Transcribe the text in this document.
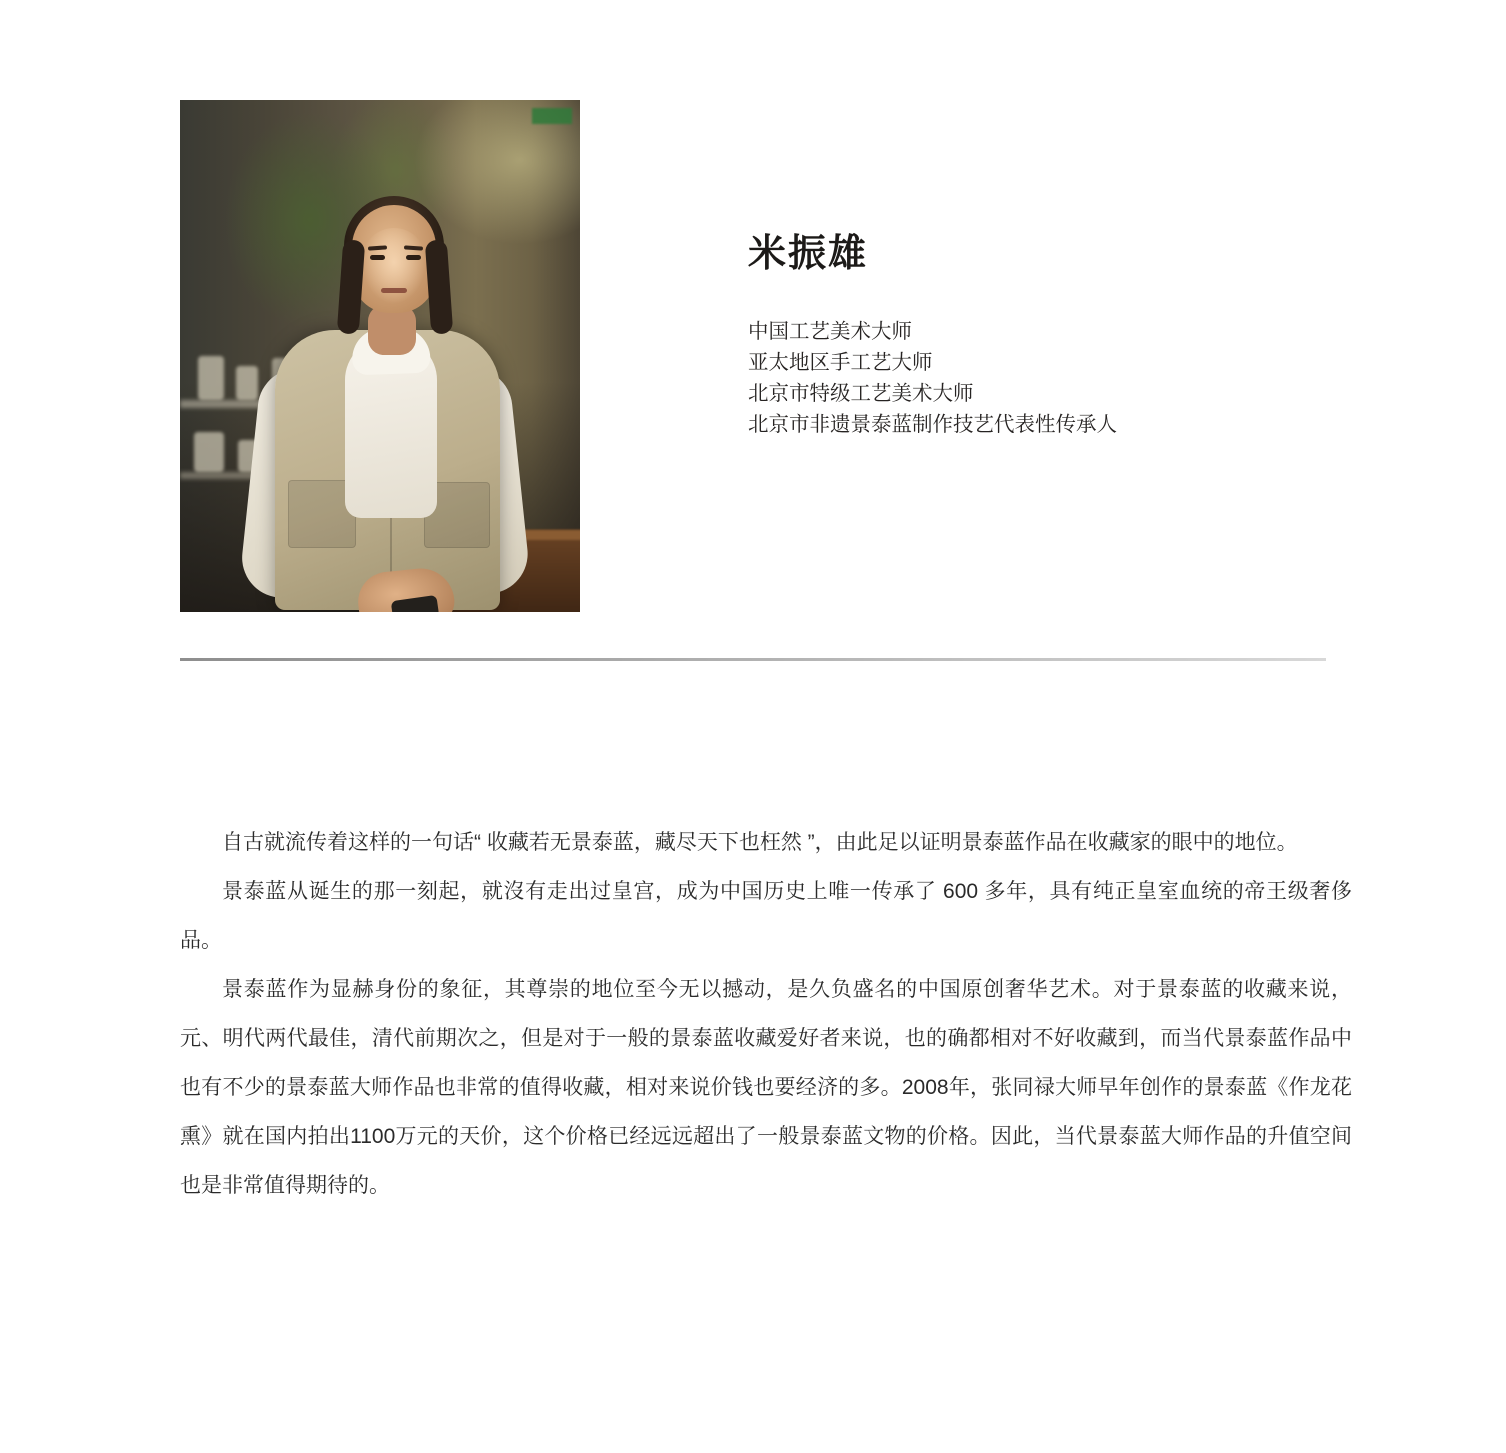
米振雄
中国工艺美术大师
亚太地区手工艺大师
北京市特级工艺美术大师
北京市非遗景泰蓝制作技艺代表性传承人

自古就流传着这样的一句话“ 收藏若无景泰蓝，藏尽天下也枉然 ”，由此足以证明景泰蓝作品在收藏家的眼中的地位。

景泰蓝从诞生的那一刻起，就沒有走出过皇宫，成为中国历史上唯一传承了 600 多年，具有纯正皇室血统的帝王级奢侈品。

景泰蓝作为显赫身份的象征，其尊崇的地位至今无以撼动，是久负盛名的中国原创奢华艺术。对于景泰蓝的收藏来说，元、明代两代最佳，清代前期次之，但是对于一般的景泰蓝收藏爱好者来说，也的确都相对不好收藏到，而当代景泰蓝作品中也有不少的景泰蓝大师作品也非常的值得收藏，相对来说价钱也要经济的多。2008年，张同禄大师早年创作的景泰蓝《作龙花熏》就在国内拍出1100万元的天价，这个价格已经远远超出了一般景泰蓝文物的价格。因此，当代景泰蓝大师作品的升值空间也是非常值得期待的。
